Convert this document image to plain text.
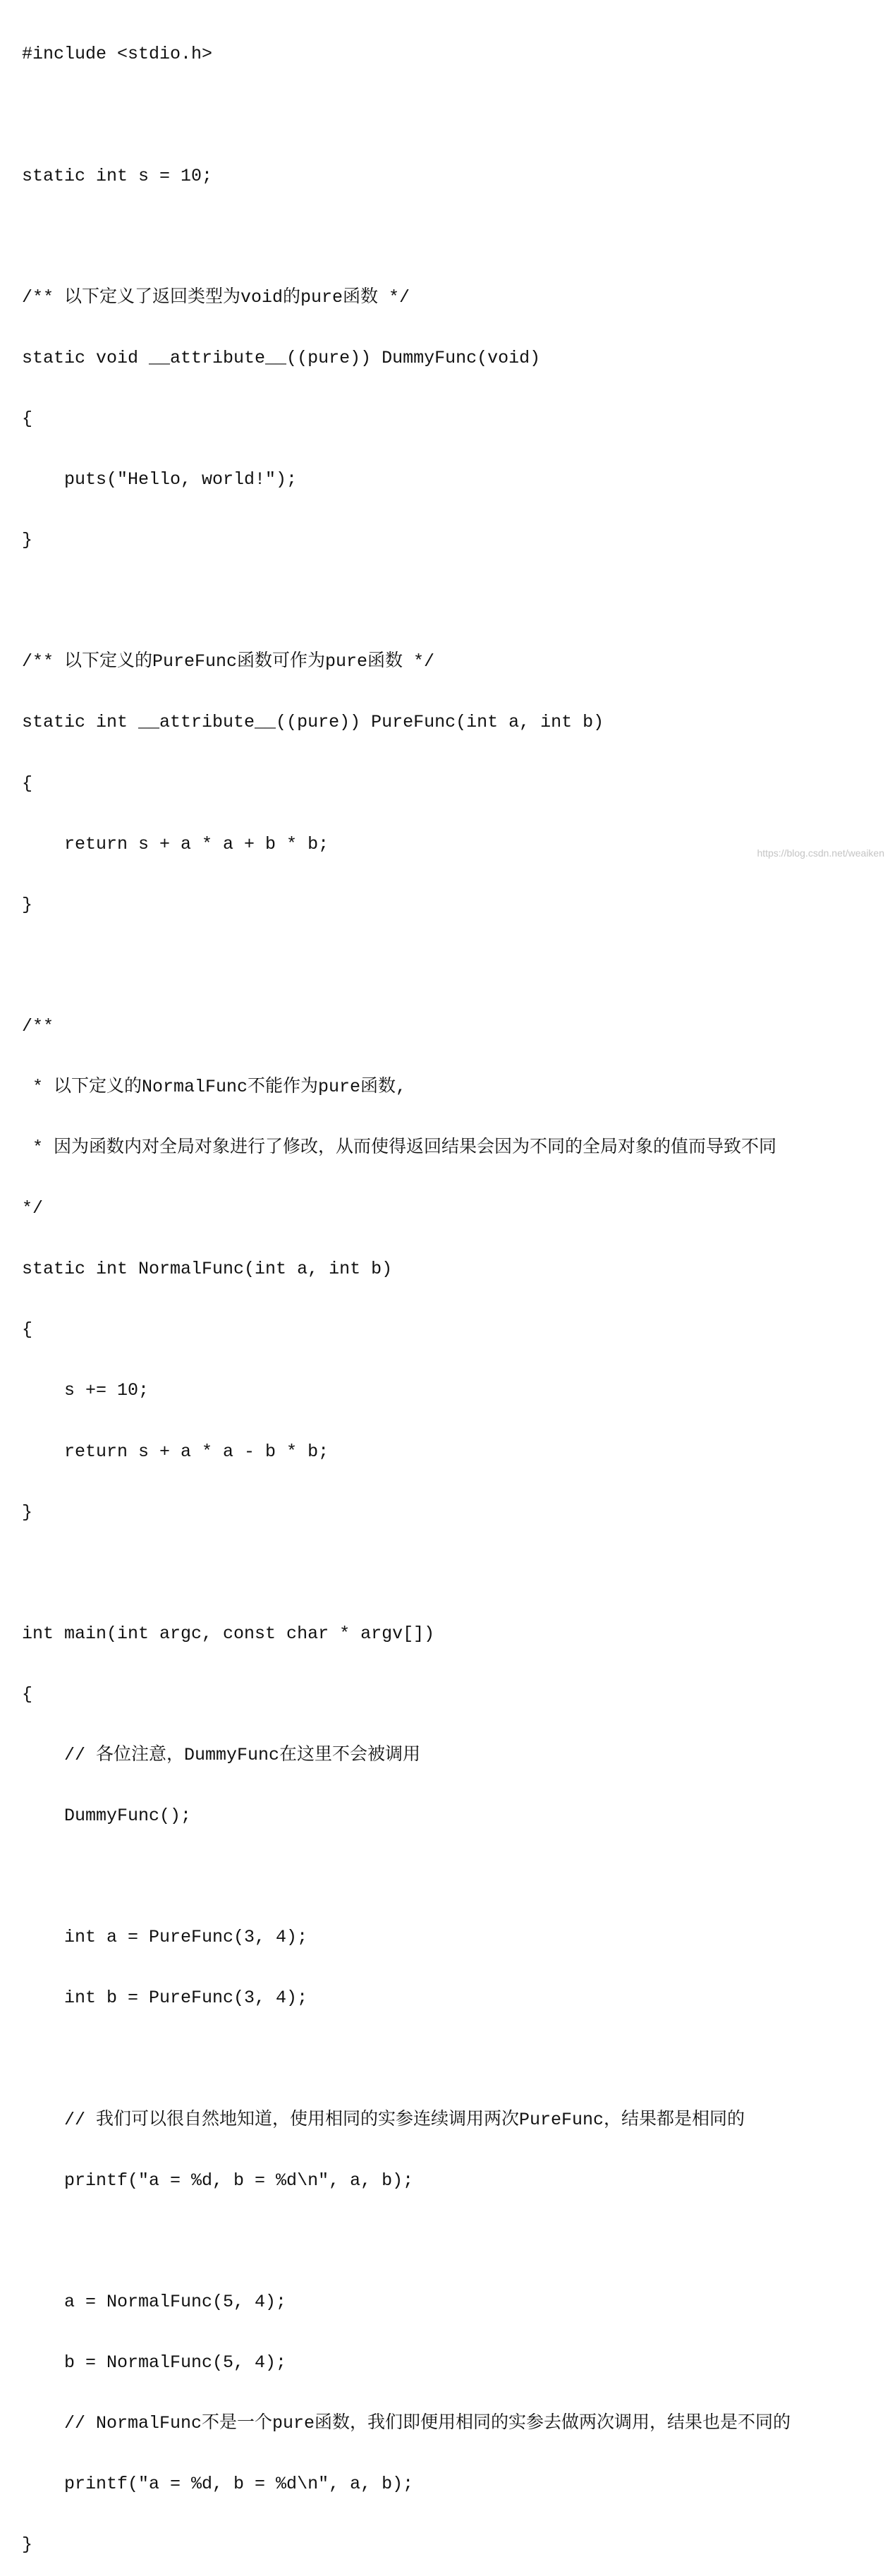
#include <stdio.h>

static int s = 10;

/** 以下定义了返回类型为void的pure函数 */

static void __attribute__((pure)) DummyFunc(void)

{

puts("Hello, world!");

}

/** 以下定义的PureFunc函数可作为pure函数 */

static int __attribute__((pure)) PureFunc(int a, int b)

{

return s + a * a + b * b;

}

/**

* 以下定义的NormalFunc不能作为pure函数,

* 因为函数内对全局对象进行了修改，从而使得返回结果会因为不同的全局对象的值而导致不同

*/

static int NormalFunc(int a, int b)

{

s += 10;

return s + a * a - b * b;

}

int main(int argc, const char * argv[])

{

// 各位注意，DummyFunc在这里不会被调用

DummyFunc();

int a = PureFunc(3, 4);

int b = PureFunc(3, 4);

// 我们可以很自然地知道，使用相同的实参连续调用两次PureFunc，结果都是相同的

printf("a = %d, b = %d\n", a, b);

a = NormalFunc(5, 4);

b = NormalFunc(5, 4);

// NormalFunc不是一个pure函数，我们即便用相同的实参去做两次调用，结果也是不同的

printf("a = %d, b = %d\n", a, b);

}

https://blog.csdn.net/weaiken
